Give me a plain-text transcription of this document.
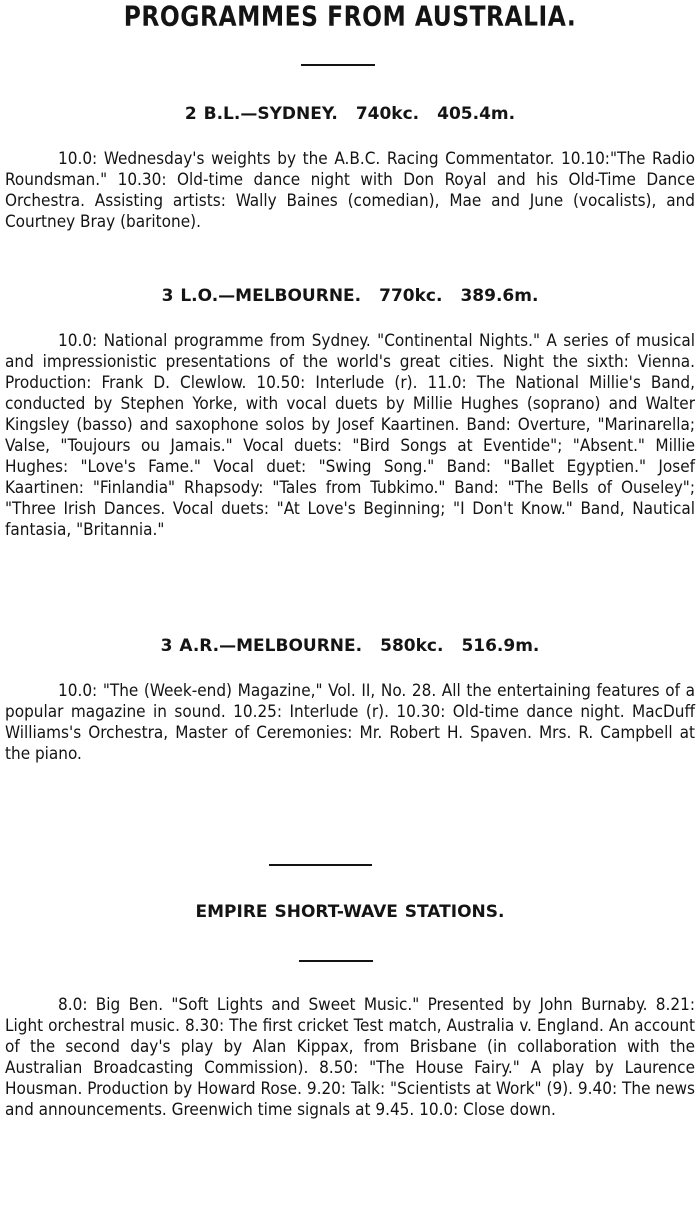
PROGRAMMES FROM AUSTRALIA.
2 B.L.—SYDNEY. 740kc. 405.4m.

10.0: Wednesday's weights by the A.B.C. Racing Commentator. 10.10:"The Radio Roundsman." 10.30: Old-time dance night with Don Royal and his Old-Time Dance Orchestra. Assisting artists: Wally Baines (comedian), Mae and June (vocalists), and Courtney Bray (baritone).

3 L.O.—MELBOURNE. 770kc. 389.6m.

10.0: National programme from Sydney. "Continental Nights." A series of musical and impressionistic presentations of the world's great cities. Night the sixth: Vienna. Production: Frank D. Clewlow. 10.50: Interlude (r). 11.0: The National Millie's Band, conducted by Stephen Yorke, with vocal duets by Millie Hughes (soprano) and Walter Kingsley (basso) and saxophone solos by Josef Kaartinen. Band: Overture, "Marinarella; Valse, "Toujours ou Jamais." Vocal duets: "Bird Songs at Eventide"; "Absent." Millie Hughes: "Love's Fame." Vocal duet: "Swing Song." Band: "Ballet Egyptien." Josef Kaartinen: "Finlandia" Rhapsody: "Tales from Tubkimo." Band: "The Bells of Ouseley"; "Three Irish Dances. Vocal duets: "At Love's Beginning; "I Don't Know." Band, Nautical fantasia, "Britannia."

3 A.R.—MELBOURNE. 580kc. 516.9m.

10.0: "The (Week-end) Magazine," Vol. II, No. 28. All the entertaining features of a popular magazine in sound. 10.25: Interlude (r). 10.30: Old-time dance night. MacDuff Williams's Orchestra, Master of Ceremonies: Mr. Robert H. Spaven. Mrs. R. Campbell at the piano.

EMPIRE SHORT-WAVE STATIONS.

8.0: Big Ben. "Soft Lights and Sweet Music." Presented by John Burnaby. 8.21: Light orchestral music. 8.30: The first cricket Test match, Australia v. England. An account of the second day's play by Alan Kippax, from Brisbane (in collaboration with the Australian Broadcasting Commission). 8.50: "The House Fairy." A play by Laurence Housman. Production by Howard Rose. 9.20: Talk: "Scientists at Work" (9). 9.40: The news and announcements. Greenwich time signals at 9.45. 10.0: Close down.
